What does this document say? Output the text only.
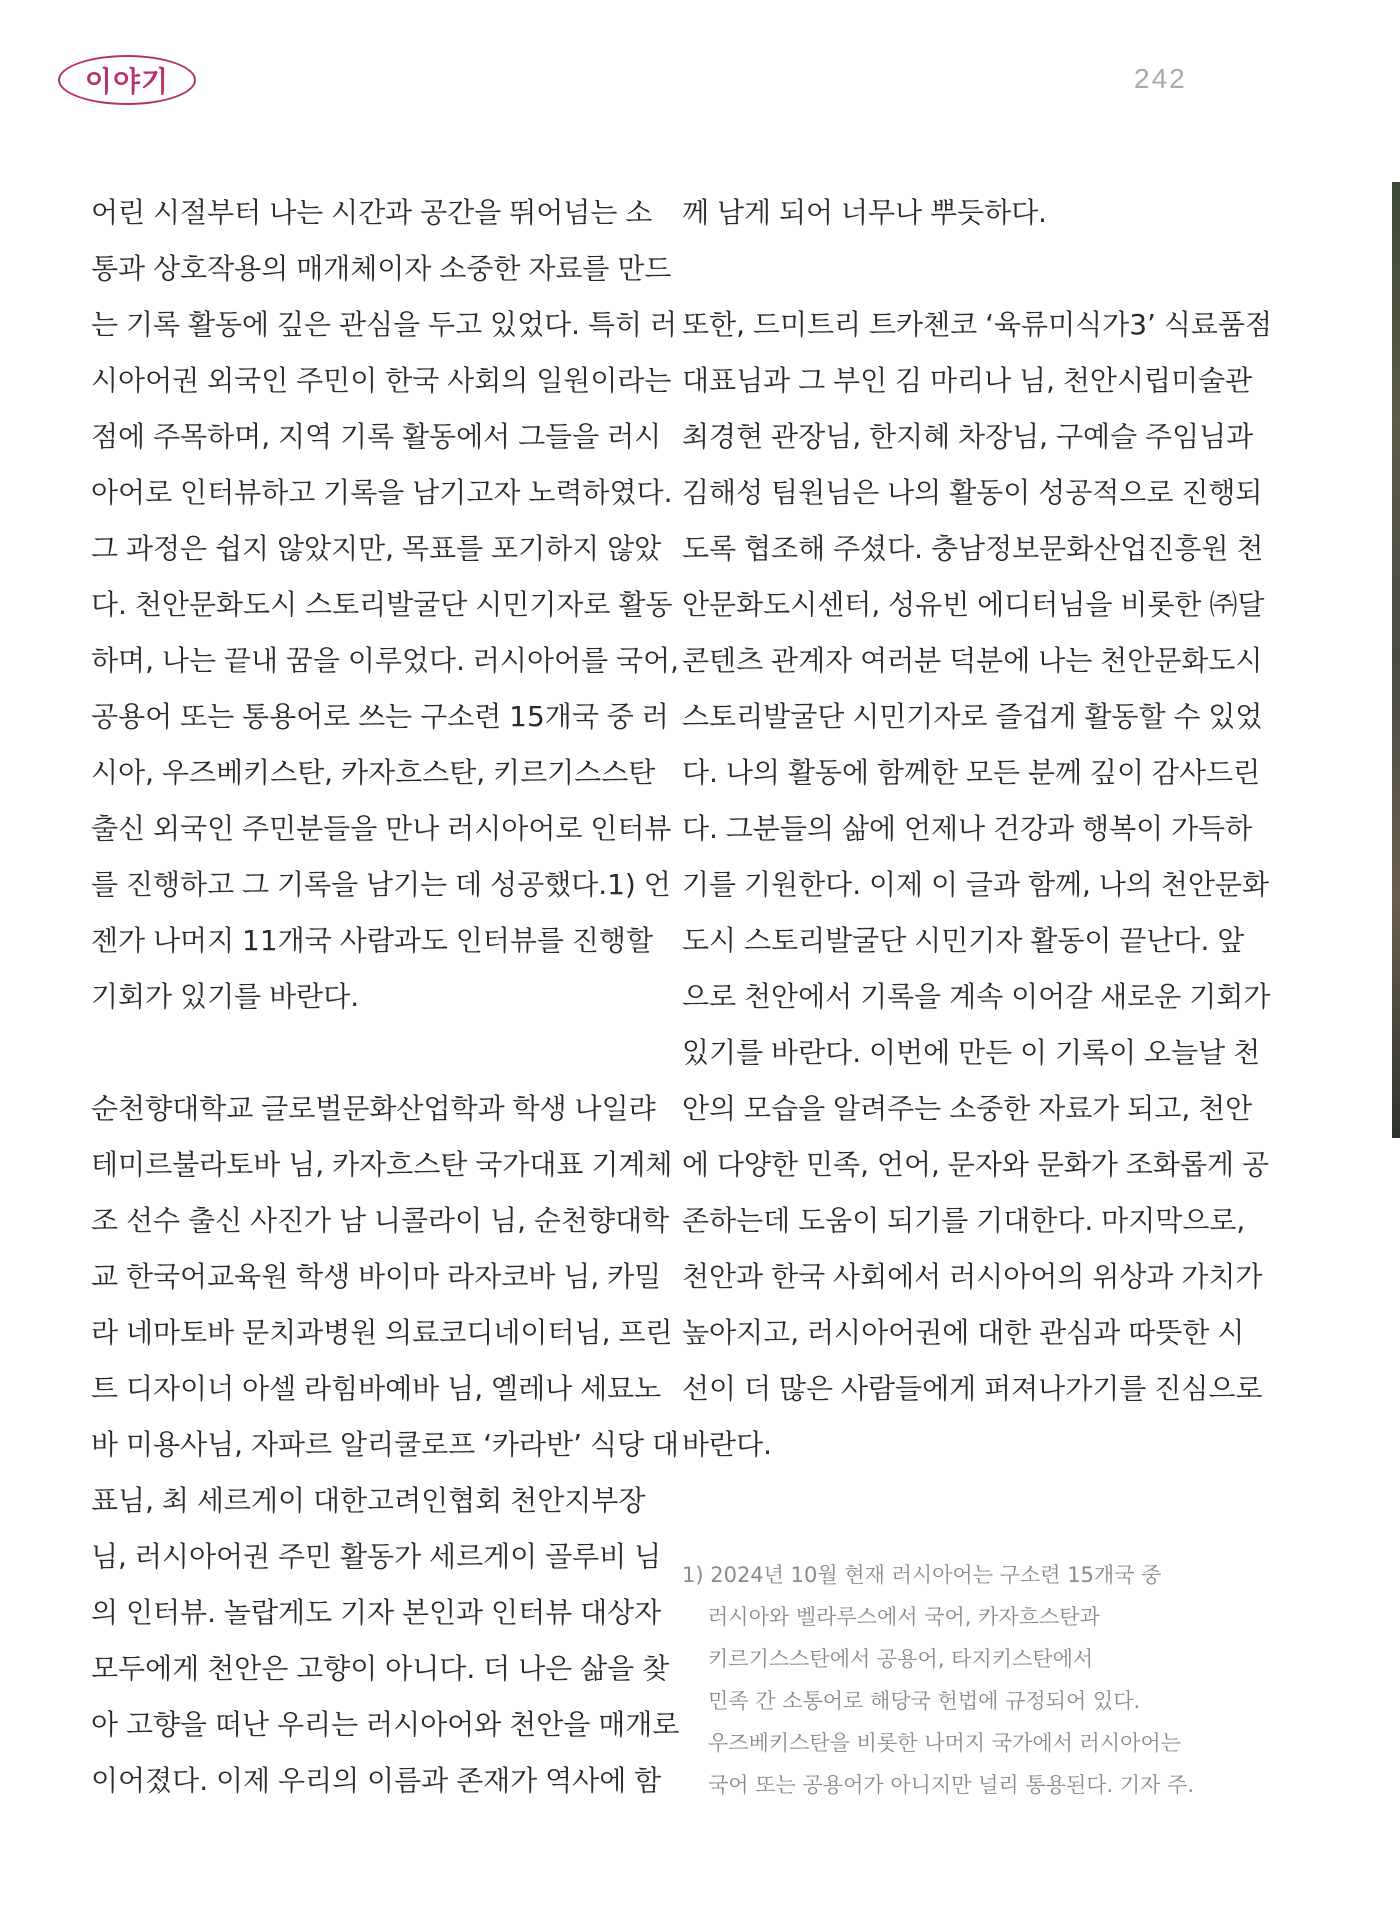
이야기	242
어린 시절부터 나는 시간과 공간을 뛰어넘는 소
통과 상호작용의 매개체이자 소중한 자료를 만드
는 기록 활동에 깊은 관심을 두고 있었다. 특히 러
시아어권 외국인 주민이 한국 사회의 일원이라는
점에 주목하며, 지역 기록 활동에서 그들을 러시
아어로 인터뷰하고 기록을 남기고자 노력하였다.
그 과정은 쉽지 않았지만, 목표를 포기하지 않았
다. 천안문화도시 스토리발굴단 시민기자로 활동
하며, 나는 끝내 꿈을 이루었다. 러시아어를 국어,
공용어 또는 통용어로 쓰는 구소련 15개국 중 러
시아, 우즈베키스탄, 카자흐스탄, 키르기스스탄
출신 외국인 주민분들을 만나 러시아어로 인터뷰
를 진행하고 그 기록을 남기는 데 성공했다.1) 언
젠가 나머지 11개국 사람과도 인터뷰를 진행할
기회가 있기를 바란다.
순천향대학교 글로벌문화산업학과 학생 나일랴
테미르불라토바 님, 카자흐스탄 국가대표 기계체
조 선수 출신 사진가 남 니콜라이 님, 순천향대학
교 한국어교육원 학생 바이마 라자코바 님, 카밀
라 네마토바 문치과병원 의료코디네이터님, 프린
트 디자이너 아셀 라힘바예바 님, 옐레나 세묘노
바 미용사님, 자파르 알리쿨로프 ‘카라반’ 식당 대
표님, 최 세르게이 대한고려인협회 천안지부장
님, 러시아어권 주민 활동가 세르게이 골루비 님
의 인터뷰. 놀랍게도 기자 본인과 인터뷰 대상자
모두에게 천안은 고향이 아니다. 더 나은 삶을 찾
아 고향을 떠난 우리는 러시아어와 천안을 매개로
이어졌다. 이제 우리의 이름과 존재가 역사에 함
께 남게 되어 너무나 뿌듯하다.
또한, 드미트리 트카첸코 ‘육류미식가3’ 식료품점
대표님과 그 부인 김 마리나 님, 천안시립미술관
최경현 관장님, 한지혜 차장님, 구예슬 주임님과
김해성 팀원님은 나의 활동이 성공적으로 진행되
도록 협조해 주셨다. 충남정보문화산업진흥원 천
안문화도시센터, 성유빈 에디터님을 비롯한 ㈜달
콘텐츠 관계자 여러분 덕분에 나는 천안문화도시
스토리발굴단 시민기자로 즐겁게 활동할 수 있었
다. 나의 활동에 함께한 모든 분께 깊이 감사드린
다. 그분들의 삶에 언제나 건강과 행복이 가득하
기를 기원한다. 이제 이 글과 함께, 나의 천안문화
도시 스토리발굴단 시민기자 활동이 끝난다. 앞
으로 천안에서 기록을 계속 이어갈 새로운 기회가
있기를 바란다. 이번에 만든 이 기록이 오늘날 천
안의 모습을 알려주는 소중한 자료가 되고, 천안
에 다양한 민족, 언어, 문자와 문화가 조화롭게 공
존하는데 도움이 되기를 기대한다. 마지막으로,
천안과 한국 사회에서 러시아어의 위상과 가치가
높아지고, 러시아어권에 대한 관심과 따뜻한 시
선이 더 많은 사람들에게 퍼져나가기를 진심으로
바란다.
1) 2024년 10월 현재 러시아어는 구소련 15개국 중
러시아와 벨라루스에서 국어, 카자흐스탄과
키르기스스탄에서 공용어, 타지키스탄에서
민족 간 소통어로 해당국 헌법에 규정되어 있다.
우즈베키스탄을 비롯한 나머지 국가에서 러시아어는
국어 또는 공용어가 아니지만 널리 통용된다. 기자 주.
